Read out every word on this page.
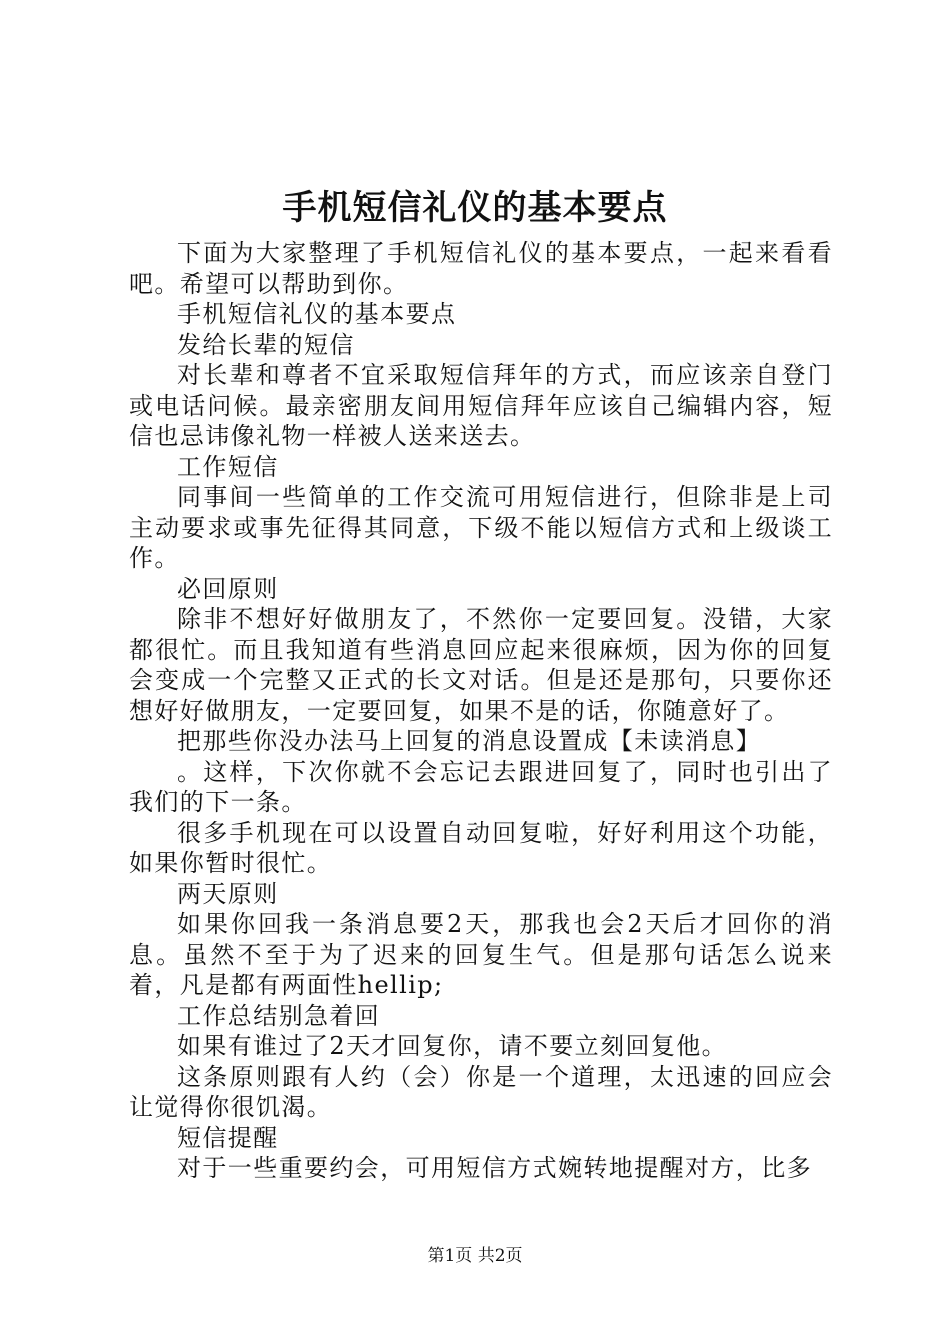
手机短信礼仪的基本要点

下面为大家整理了手机短信礼仪的基本要点，一起来看看吧。希望可以帮助到你。

手机短信礼仪的基本要点

发给长辈的短信

对长辈和尊者不宜采取短信拜年的方式，而应该亲自登门或电话问候。最亲密朋友间用短信拜年应该自己编辑内容，短信也忌讳像礼物一样被人送来送去。

工作短信

同事间一些简单的工作交流可用短信进行，但除非是上司主动要求或事先征得其同意，下级不能以短信方式和上级谈工作。

必回原则

除非不想好好做朋友了，不然你一定要回复。没错，大家都很忙。而且我知道有些消息回应起来很麻烦，因为你的回复会变成一个完整又正式的长文对话。但是还是那句，只要你还想好好做朋友，一定要回复，如果不是的话，你随意好了。

把那些你没办法马上回复的消息设置成【未读消息】

。这样，下次你就不会忘记去跟进回复了，同时也引出了我们的下一条。

很多手机现在可以设置自动回复啦，好好利用这个功能，如果你暂时很忙。

两天原则

如果你回我一条消息要2天，那我也会2天后才回你的消息。虽然不至于为了迟来的回复生气。但是那句话怎么说来着，凡是都有两面性hellip;

工作总结别急着回

如果有谁过了2天才回复你，请不要立刻回复他。

这条原则跟有人约（会）你是一个道理，太迅速的回应会让觉得你很饥渴。

短信提醒

对于一些重要约会，可用短信方式婉转地提醒对方，比多

第1页 共2页
